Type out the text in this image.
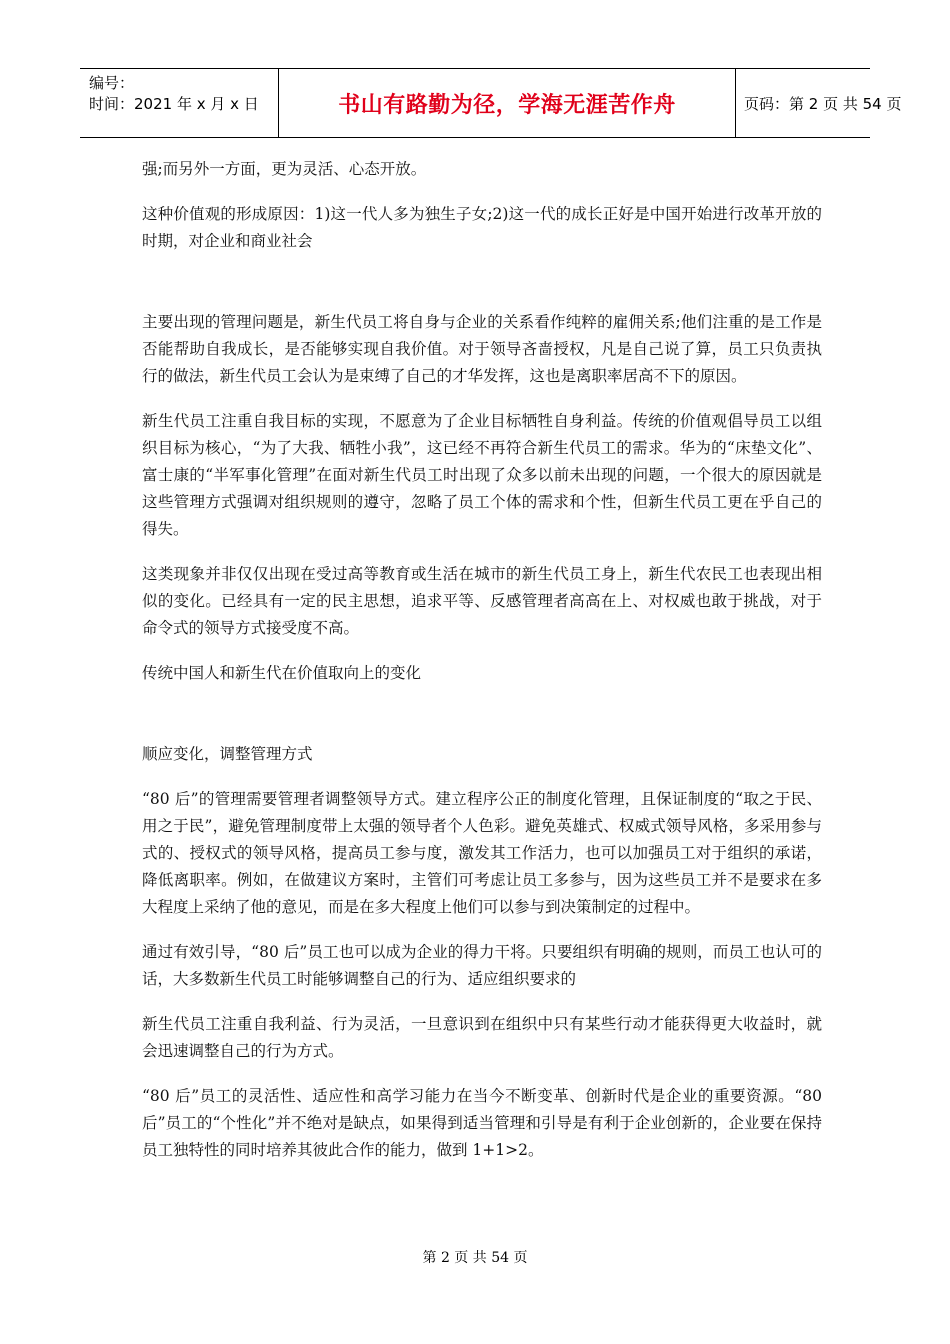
编号：
时间：2021 年 x 月 x 日	书山有路勤为径，学海无涯苦作舟	页码：第 2 页 共 54 页

强;而另外一方面，更为灵活、心态开放。

这种价值观的形成原因：1)这一代人多为独生子女;2)这一代的成长正好是中国开始进行改革开放的时期，对企业和商业社会

主要出现的管理问题是，新生代员工将自身与企业的关系看作纯粹的雇佣关系;他们注重的是工作是否能帮助自我成长，是否能够实现自我价值。对于领导吝啬授权，凡是自己说了算，员工只负责执行的做法，新生代员工会认为是束缚了自己的才华发挥，这也是离职率居高不下的原因。

新生代员工注重自我目标的实现，不愿意为了企业目标牺牲自身利益。传统的价值观倡导员工以组织目标为核心，“为了大我、牺牲小我”，这已经不再符合新生代员工的需求。华为的“床垫文化”、富士康的“半军事化管理”在面对新生代员工时出现了众多以前未出现的问题，一个很大的原因就是这些管理方式强调对组织规则的遵守，忽略了员工个体的需求和个性，但新生代员工更在乎自己的得失。

这类现象并非仅仅出现在受过高等教育或生活在城市的新生代员工身上，新生代农民工也表现出相似的变化。已经具有一定的民主思想，追求平等、反感管理者高高在上、对权威也敢于挑战，对于命令式的领导方式接受度不高。

传统中国人和新生代在价值取向上的变化

顺应变化，调整管理方式

“80 后”的管理需要管理者调整领导方式。建立程序公正的制度化管理，且保证制度的“取之于民、用之于民”，避免管理制度带上太强的领导者个人色彩。避免英雄式、权威式领导风格，多采用参与式的、授权式的领导风格，提高员工参与度，激发其工作活力，也可以加强员工对于组织的承诺，降低离职率。例如，在做建议方案时，主管们可考虑让员工多参与，因为这些员工并不是要求在多大程度上采纳了他的意见，而是在多大程度上他们可以参与到决策制定的过程中。

通过有效引导，“80 后”员工也可以成为企业的得力干将。只要组织有明确的规则，而员工也认可的话，大多数新生代员工时能够调整自己的行为、适应组织要求的

新生代员工注重自我利益、行为灵活，一旦意识到在组织中只有某些行动才能获得更大收益时，就会迅速调整自己的行为方式。

“80 后”员工的灵活性、适应性和高学习能力在当今不断变革、创新时代是企业的重要资源。“80 后”员工的“个性化”并不绝对是缺点，如果得到适当管理和引导是有利于企业创新的，企业要在保持员工独特性的同时培养其彼此合作的能力，做到 1+1>2。

第 2 页 共 54 页
